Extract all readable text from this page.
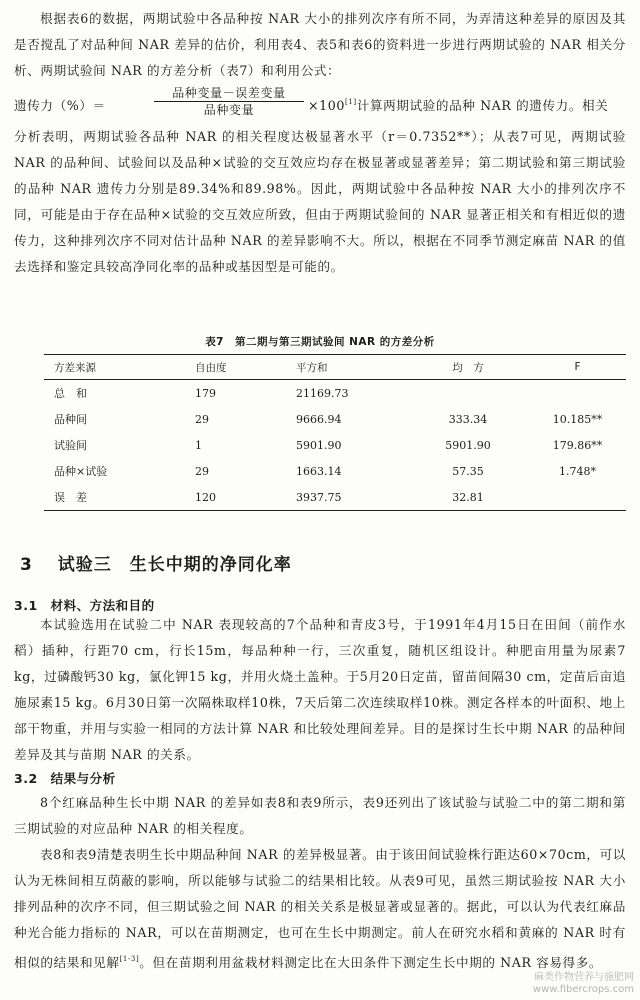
根据表6的数据，两期试验中各品种按 NAR 大小的排列次序有所不同，为弄清这种差异的原因及其是否搅乱了对品种间 NAR 差异的估价，利用表4、表5和表6的资料进一步进行两期试验的 NAR 相关分析、两期试验间 NAR 的方差分析（表7）和利用公式：

遗传力（%）＝
品种变量－误差变量
品种变量	×100[1]计算两期试验的品种 NAR 的遗传力。相关

分析表明，两期试验各品种 NAR 的相关程度达极显著水平（r＝0.7352**）；从表7可见，两期试验 NAR 的品种间、试验间以及品种×试验的交互效应均存在极显著或显著差异；第二期试验和第三期试验的品种 NAR 遗传力分别是89.34%和89.98%。因此，两期试验中各品种按 NAR 大小的排列次序不同，可能是由于存在品种×试验的交互效应所致，但由于两期试验间的 NAR 显著正相关和有相近似的遗传力，这种排列次序不同对估计品种 NAR 的差异影响不大。所以，根据在不同季节测定麻苗 NAR 的值去选择和鉴定具较高净同化率的品种或基因型是可能的。

表7　第二期与第三期试验间 NAR 的方差分析
方差来源	自由度	平方和	均　方	F
总　和	179	21169.73		
品种间	29	9666.94	333.34	10.185**
试验间	1	5901.90	5901.90	179.86**
品种×试验	29	1663.14	57.35	1.748*
误　差	120	3937.75	32.81	
3 试验三　生长中期的净同化率
3.1　材料、方法和目的

本试验选用在试验二中 NAR 表现较高的7个品种和青皮3号，于1991年4月15日在田间（前作水稻）插种，行距70 cm，行长15m，每品种种一行，三次重复，随机区组设计。种肥亩用量为尿素7 kg，过磷酸钙30 kg，氯化钾15 kg，并用火烧土盖种。于5月20日定苗，留苗间隔30 cm，定苗后亩追施尿素15 kg。6月30日第一次隔株取样10株，7天后第二次连续取样10株。测定各样本的叶面积、地上部干物重，并用与实验一相同的方法计算 NAR 和比较处理间差异。目的是探讨生长中期 NAR 的品种间差异及其与苗期 NAR 的关系。

3.2　结果与分析

8个红麻品种生长中期 NAR 的差异如表8和表9所示，表9还列出了该试验与试验二中的第二期和第三期试验的对应品种 NAR 的相关程度。

表8和表9清楚表明生长中期品种间 NAR 的差异极显著。由于该田间试验株行距达60×70cm，可以认为无株间相互荫蔽的影响，所以能够与试验二的结果相比较。从表9可见，虽然三期试验按 NAR 大小排列品种的次序不同，但三期试验之间 NAR 的相关关系是极显著或显著的。据此，可以认为代表红麻品种光合能力指标的 NAR，可以在苗期测定，也可在生长中期测定。前人在研究水稻和黄麻的 NAR 时有相似的结果和见解[1-3]。但在苗期利用盆栽材料测定比在大田条件下测定生长中期的 NAR 容易得多。

麻类作物营养与施肥网
www.fibercrops.com
